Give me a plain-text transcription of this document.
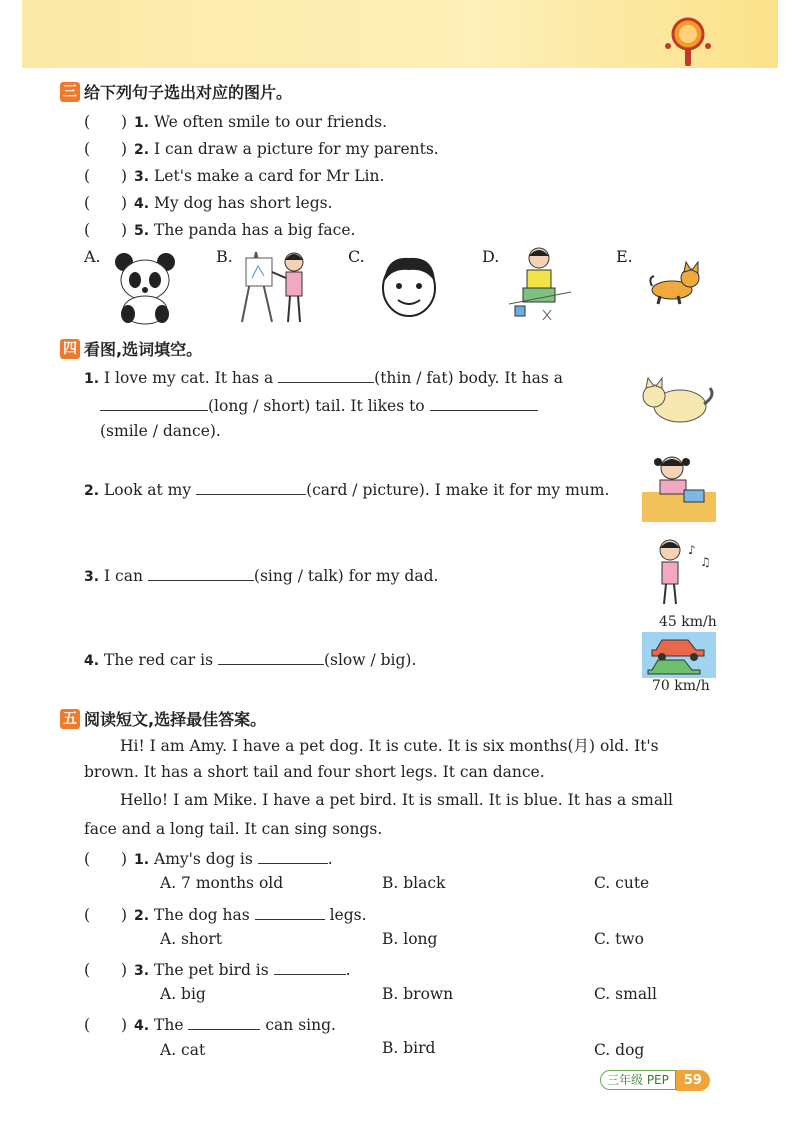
三 给下列句子选出对应的图片。
(　　) 1. We often smile to our friends.
(　　) 2. I can draw a picture for my parents.
(　　) 3. Let's make a card for Mr Lin.
(　　) 4. My dog has short legs.
(　　) 5. The panda has a big face.
A.	B.	C.	D.	E.
四 看图,选词填空。
1. I love my cat. It has a	(thin / fat) body. It has a
(long / short) tail. It likes to
(smile / dance).
2. Look at my	(card / picture). I make it for my mum.
3. I can	(sing / talk) for my dad.
♪
♫
4. The red car is	(slow / big).
45 km/h
70 km/h
五 阅读短文,选择最佳答案。
Hi! I am Amy. I have a pet dog. It is cute. It is six months(月) old. It's
brown. It has a short tail and four short legs. It can dance.
Hello! I am Mike. I have a pet bird. It is small. It is blue. It has a small
face and a long tail. It can sing songs.
(　　) 1. Amy's dog is	.
A. 7 months old	B. black	C. cute
(　　) 2. The dog has	legs.
A. short	B. long	C. two
(　　) 3. The pet bird is	.
A. big	B. brown	C. small
(　　) 4. The	can sing.
A. cat	B. bird	C. dog
三年级 PEP	59
